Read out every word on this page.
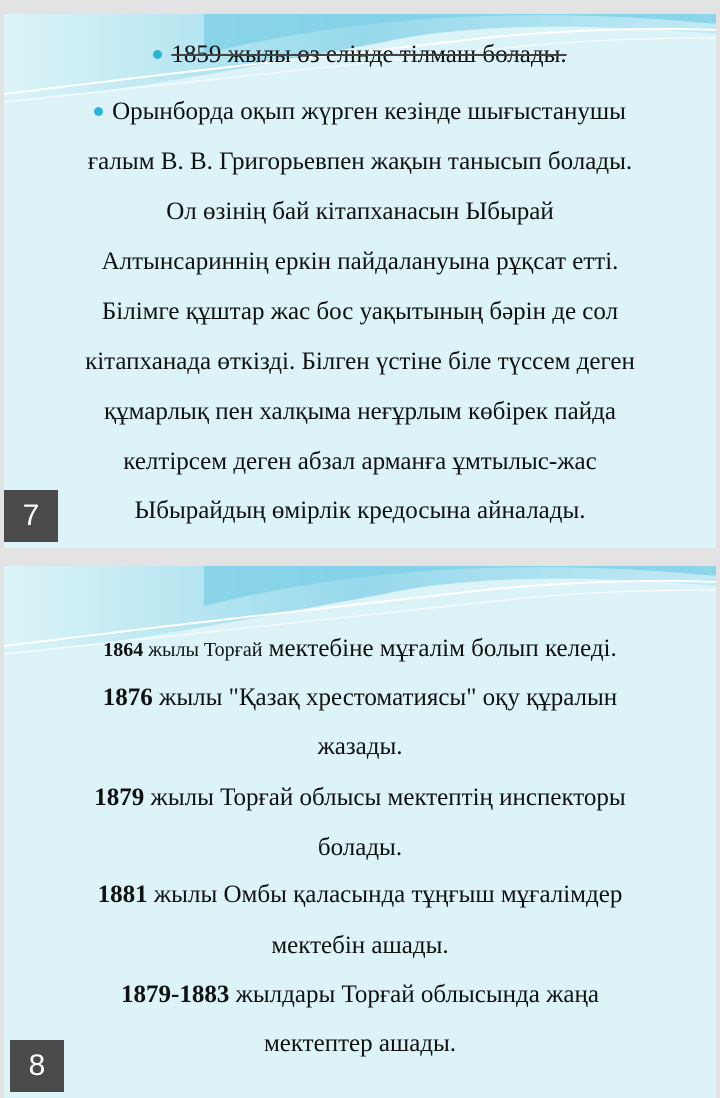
1859 жылы өз елінде тілмаш болады.
Орынборда оқып жүрген кезінде шығыстанушы
ғалым В. В. Григорьевпен жақын танысып болады.
Ол өзінің бай кітапханасын Ыбырай
Алтынсариннің еркін пайдалануына рұқсат етті.
Білімге құштар жас бос уақытының бәрін де сол
кітапханада өткізді. Білген үстіне біле түссем деген
құмарлық пен халқыма неғұрлым көбірек пайда
келтірсем деген абзал арманға ұмтылыс-жас
Ыбырайдың өмірлік кредосына айналады.
7
1864 жылы Торғай мектебіне мұғалім болып келеді.
1876 жылы "Қазақ хрестоматиясы" оқу құралын
жазады.
1879 жылы Торғай облысы мектептің инспекторы
болады.
1881 жылы Омбы қаласында тұңғыш мұғалімдер
мектебін ашады.
1879-1883 жылдары Торғай облысында жаңа
мектептер ашады.
8
